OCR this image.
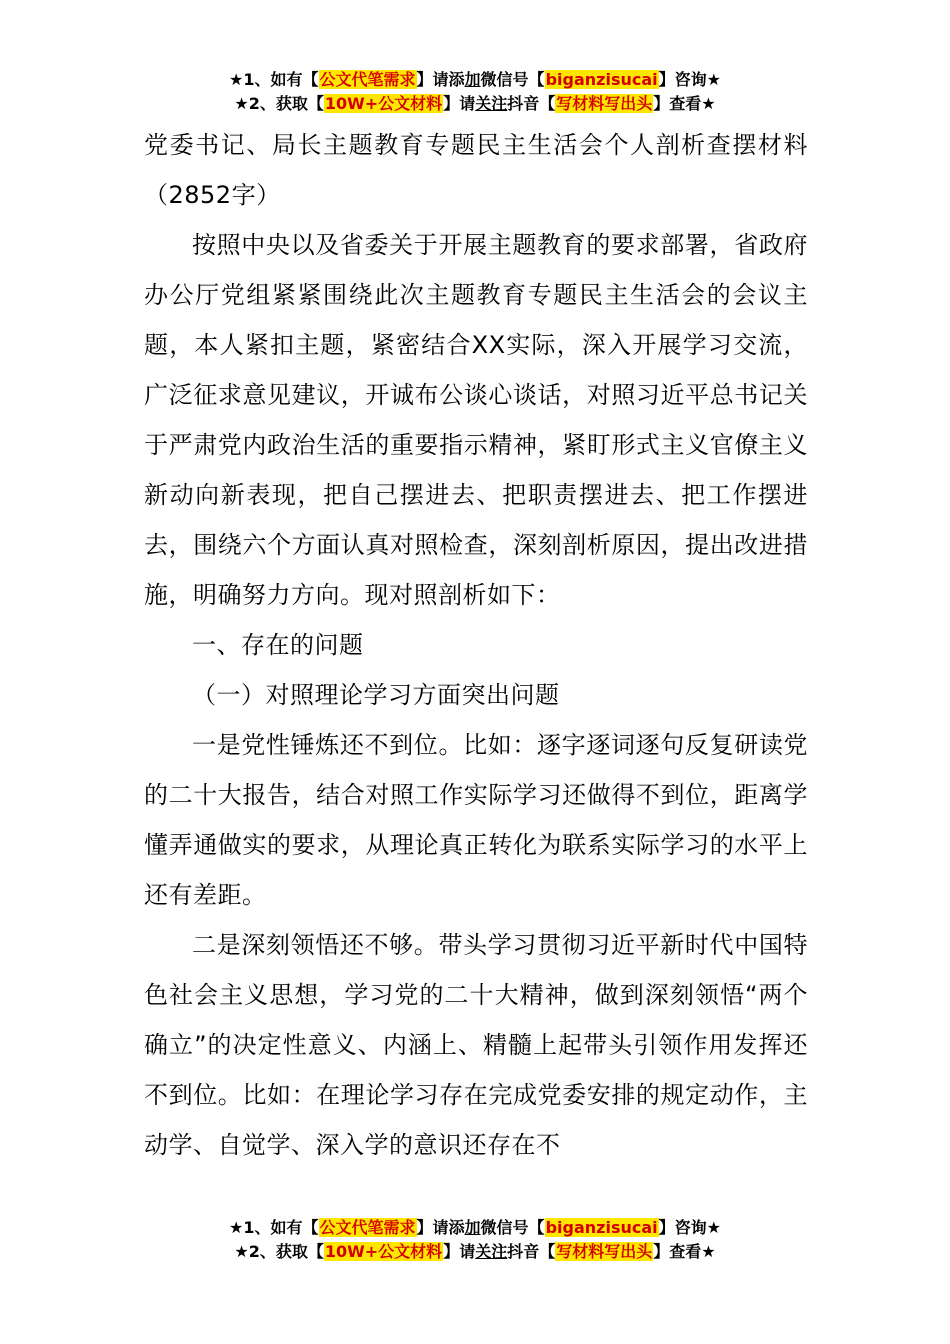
★1、如有【公文代笔需求】请添加微信号【biganzisucai】咨询★
★2、获取【10W+公文材料】请关注抖音【写材料写出头】查看★

党委书记、局长主题教育专题民主生活会个人剖析查摆材料（2852字）

按照中央以及省委关于开展主题教育的要求部署，省政府办公厅党组紧紧围绕此次主题教育专题民主生活会的会议主题，本人紧扣主题，紧密结合XX实际，深入开展学习交流，广泛征求意见建议，开诚布公谈心谈话，对照习近平总书记关于严肃党内政治生活的重要指示精神，紧盯形式主义官僚主义新动向新表现，把自己摆进去、把职责摆进去、把工作摆进去，围绕六个方面认真对照检查，深刻剖析原因，提出改进措施，明确努力方向。现对照剖析如下：

一、存在的问题

（一）对照理论学习方面突出问题

一是党性锤炼还不到位。比如：逐字逐词逐句反复研读党的二十大报告，结合对照工作实际学习还做得不到位，距离学懂弄通做实的要求，从理论真正转化为联系实际学习的水平上还有差距。

二是深刻领悟还不够。带头学习贯彻习近平新时代中国特色社会主义思想，学习党的二十大精神，做到深刻领悟“两个确立”的决定性意义、内涵上、精髓上起带头引领作用发挥还不到位。比如：在理论学习存在完成党委安排的规定动作，主动学、自觉学、深入学的意识还存在不

★1、如有【公文代笔需求】请添加微信号【biganzisucai】咨询★
★2、获取【10W+公文材料】请关注抖音【写材料写出头】查看★
